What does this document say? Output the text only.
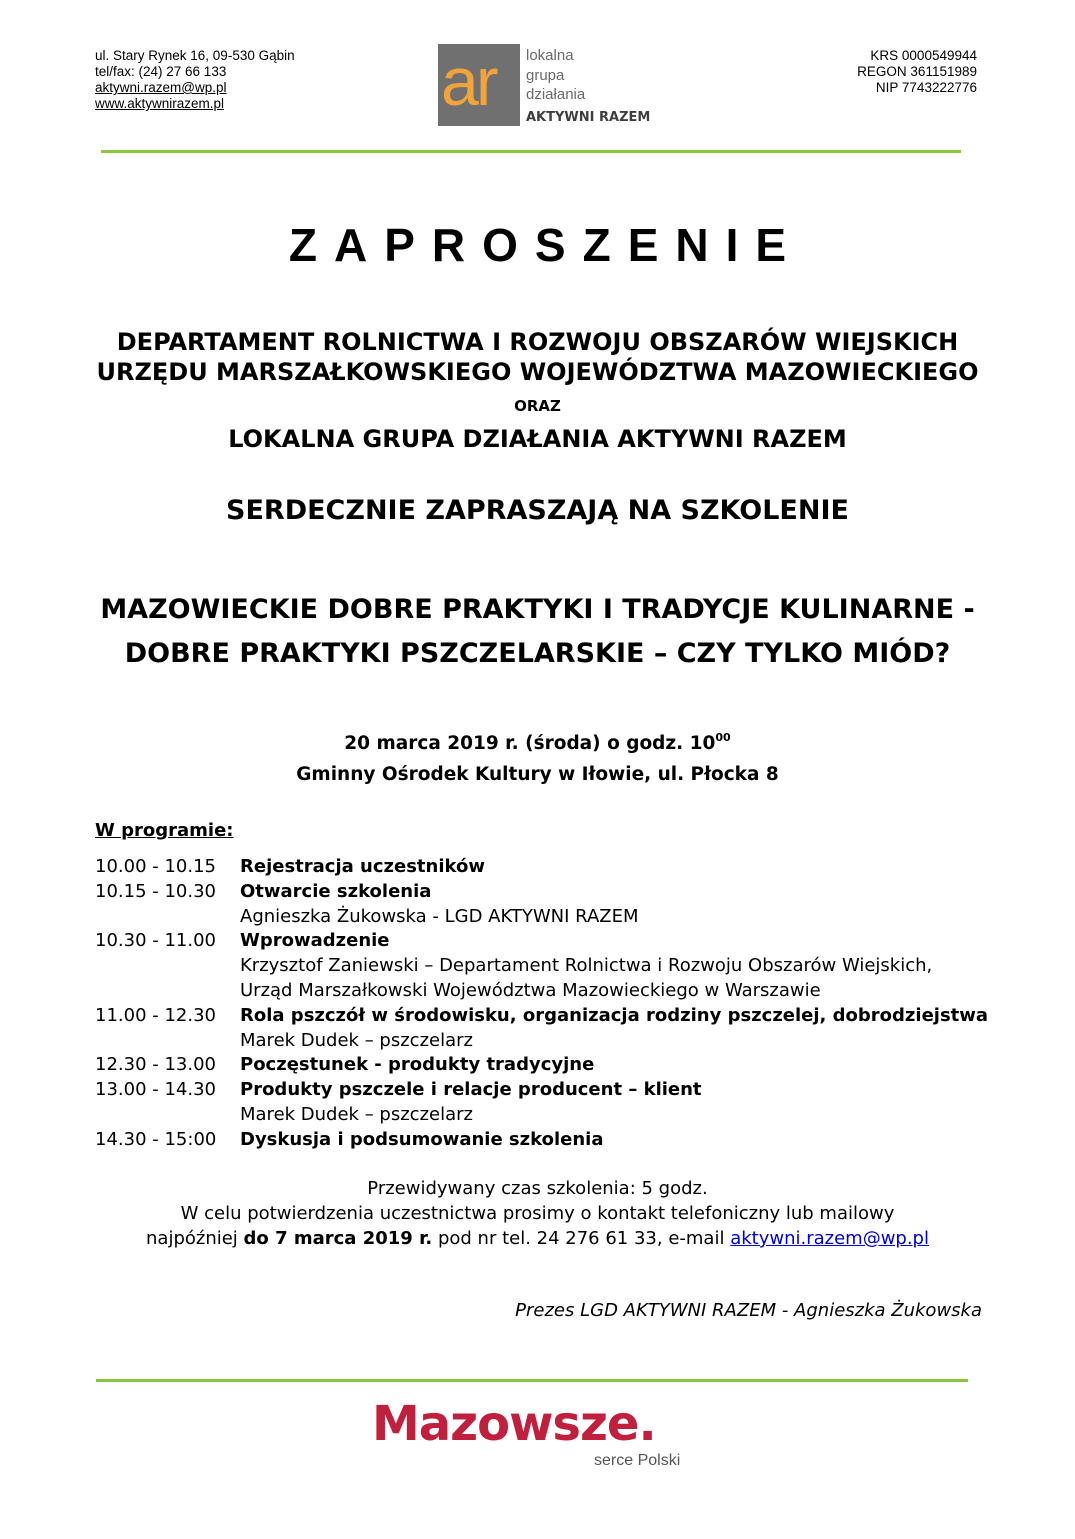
ul. Stary Rynek 16, 09-530 Gąbin
tel/fax: (24) 27 66 133
aktywni.razem@wp.pl
www.aktywnirazem.pl	ar lokalna
grupa
działania
AKTYWNI RAZEM
KRS 0000549944
REGON 361151989
NIP 7743222776
ZAPROSZENIE
DEPARTAMENT ROLNICTWA I ROZWOJU OBSZARÓW WIEJSKICH
URZĘDU MARSZAŁKOWSKIEGO WOJEWÓDZTWA MAZOWIECKIEGO
ORAZ
LOKALNA GRUPA DZIAŁANIA AKTYWNI RAZEM
SERDECZNIE ZAPRASZAJĄ NA SZKOLENIE
MAZOWIECKIE DOBRE PRAKTYKI I TRADYCJE KULINARNE -
DOBRE PRAKTYKI PSZCZELARSKIE – CZY TYLKO MIÓD?
20 marca 2019 r. (środa) o godz. $10^{00}$
Gminny Ośrodek Kultury w Iłowie, ul. Płocka 8
W programie:
10.00 - 10.15	Rejestracja uczestników
10.15 - 10.30	Otwarcie szkolenia
Agnieszka Żukowska - LGD AKTYWNI RAZEM
10.30 - 11.00	Wprowadzenie
Krzysztof Zaniewski – Departament Rolnictwa i Rozwoju Obszarów Wiejskich,
Urząd Marszałkowski Województwa Mazowieckiego w Warszawie
11.00 - 12.30	Rola pszczół w środowisku, organizacja rodziny pszczelej, dobrodziejstwa
Marek Dudek – pszczelarz
12.30 - 13.00	Poczęstunek - produkty tradycyjne
13.00 - 14.30	Produkty pszczele i relacje producent – klient
Marek Dudek – pszczelarz
14.30 - 15:00	Dyskusja i podsumowanie szkolenia
Przewidywany czas szkolenia: 5 godz.
W celu potwierdzenia uczestnictwa prosimy o kontakt telefoniczny lub mailowy
najpóźniej do 7 marca 2019 r. pod nr tel. 24 276 61 33, e-mail aktywni.razem@wp.pl
Prezes LGD AKTYWNI RAZEM - Agnieszka Żukowska
Mazowsze.
serce Polski
